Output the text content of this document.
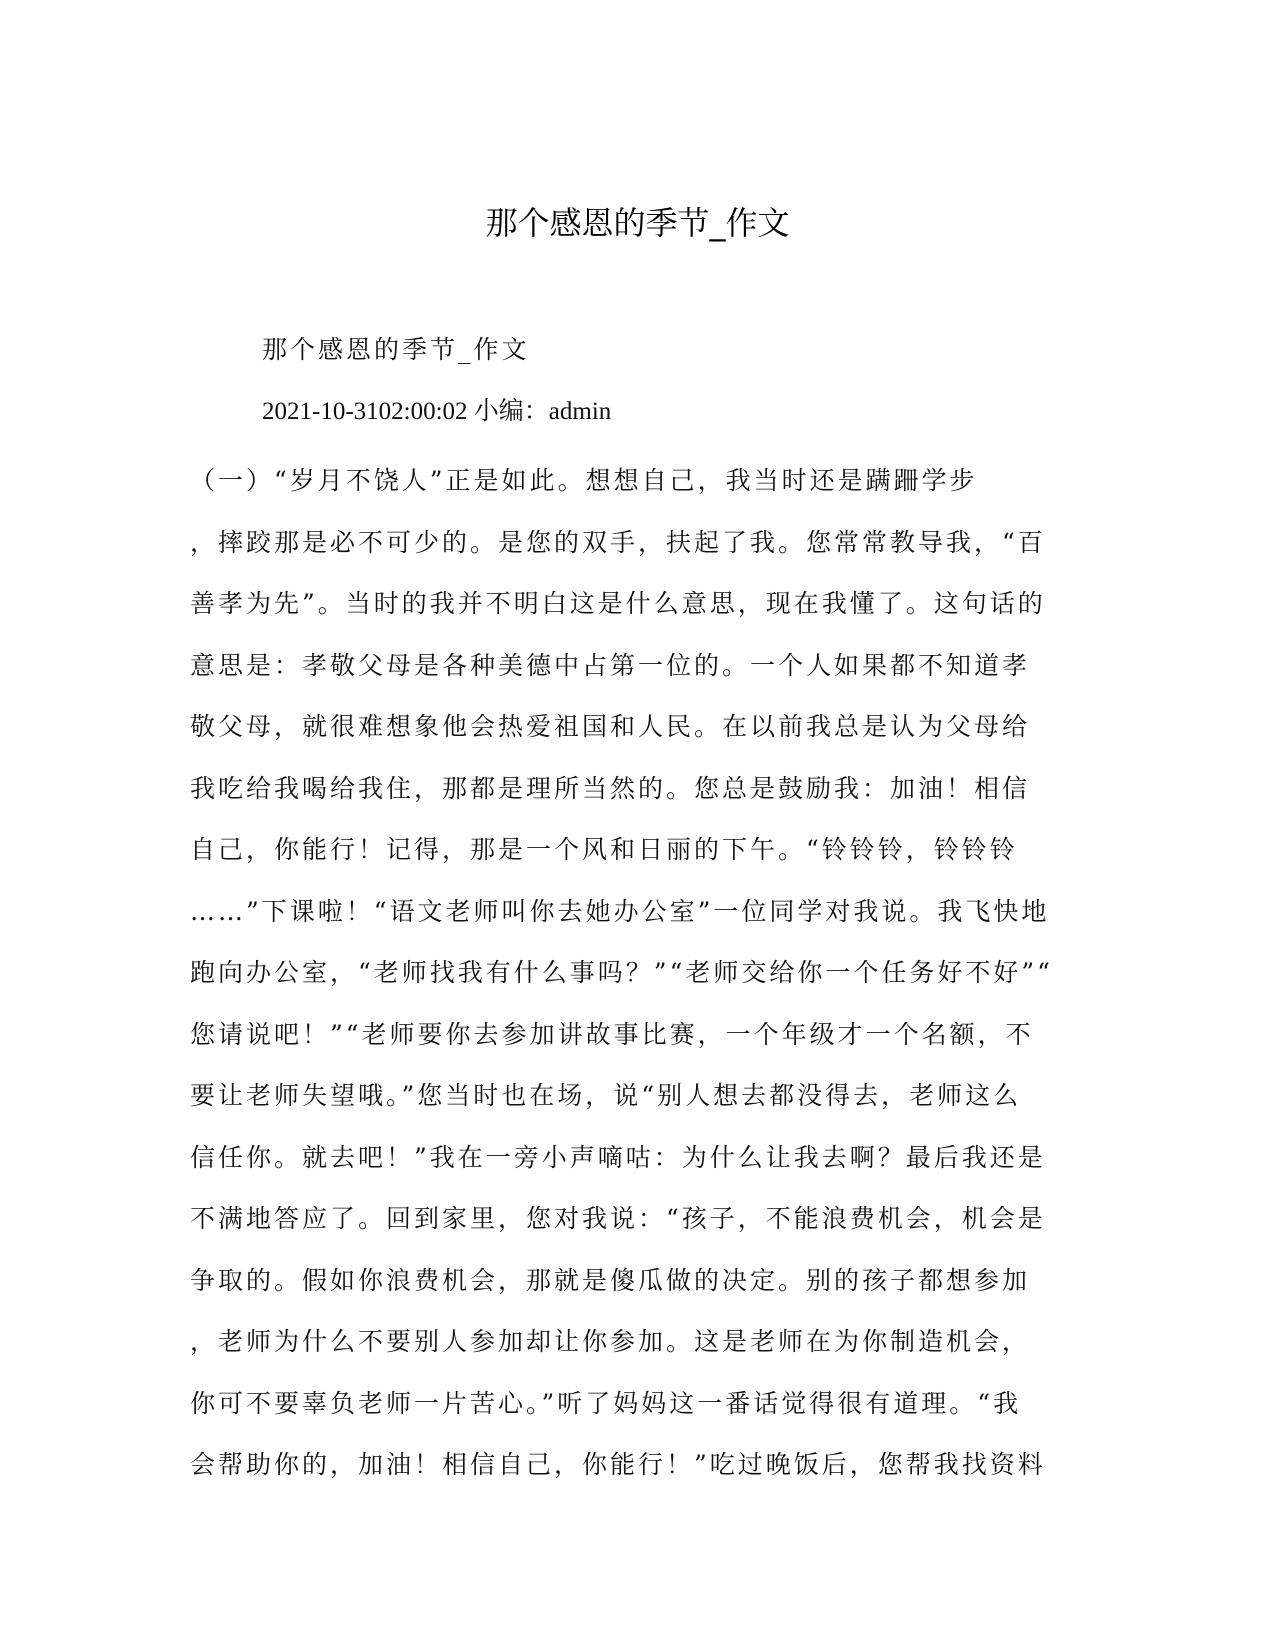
那个感恩的季节_作文

那个感恩的季节_作文

2021-10-3102:00:02 小编：admin

（一）“岁月不饶人”正是如此。想想自己，我当时还是蹒跚学步
，摔跤那是必不可少的。是您的双手，扶起了我。您常常教导我，“百
善孝为先”。当时的我并不明白这是什么意思，现在我懂了。这句话的
意思是：孝敬父母是各种美德中占第一位的。一个人如果都不知道孝
敬父母，就很难想象他会热爱祖国和人民。在以前我总是认为父母给
我吃给我喝给我住，那都是理所当然的。您总是鼓励我：加油！相信
自己，你能行！记得，那是一个风和日丽的下午。“铃铃铃，铃铃铃
……”下课啦！“语文老师叫你去她办公室”一位同学对我说。我飞快地
跑向办公室，“老师找我有什么事吗？”“老师交给你一个任务好不好”“
您请说吧！”“老师要你去参加讲故事比赛，一个年级才一个名额，不
要让老师失望哦。”您当时也在场，说“别人想去都没得去，老师这么
信任你。就去吧！”我在一旁小声嘀咕：为什么让我去啊？最后我还是
不满地答应了。回到家里，您对我说：“孩子，不能浪费机会，机会是
争取的。假如你浪费机会，那就是傻瓜做的决定。别的孩子都想参加
，老师为什么不要别人参加却让你参加。这是老师在为你制造机会，
你可不要辜负老师一片苦心。”听了妈妈这一番话觉得很有道理。“我
会帮助你的，加油！相信自己，你能行！”吃过晚饭后，您帮我找资料
